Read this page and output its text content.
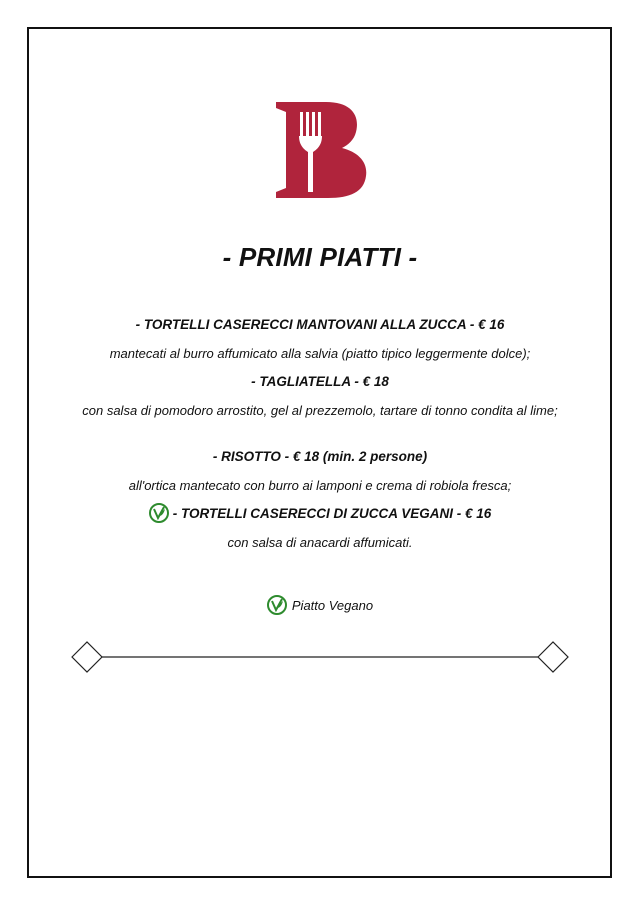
- PRIMI PIATTI -
- TORTELLI CASERECCI MANTOVANI ALLA ZUCCA - € 16
mantecati al burro affumicato alla salvia (piatto tipico leggermente dolce);
- TAGLIATELLA - € 18
con salsa di pomodoro arrostito, gel al prezzemolo, tartare di tonno condita al lime;
- RISOTTO - € 18 (min. 2 persone)
all'ortica mantecato con burro ai lamponi e crema di robiola fresca;
- TORTELLI CASERECCI DI ZUCCA VEGANI - € 16
con salsa di anacardi affumicati.
Piatto Vegano
